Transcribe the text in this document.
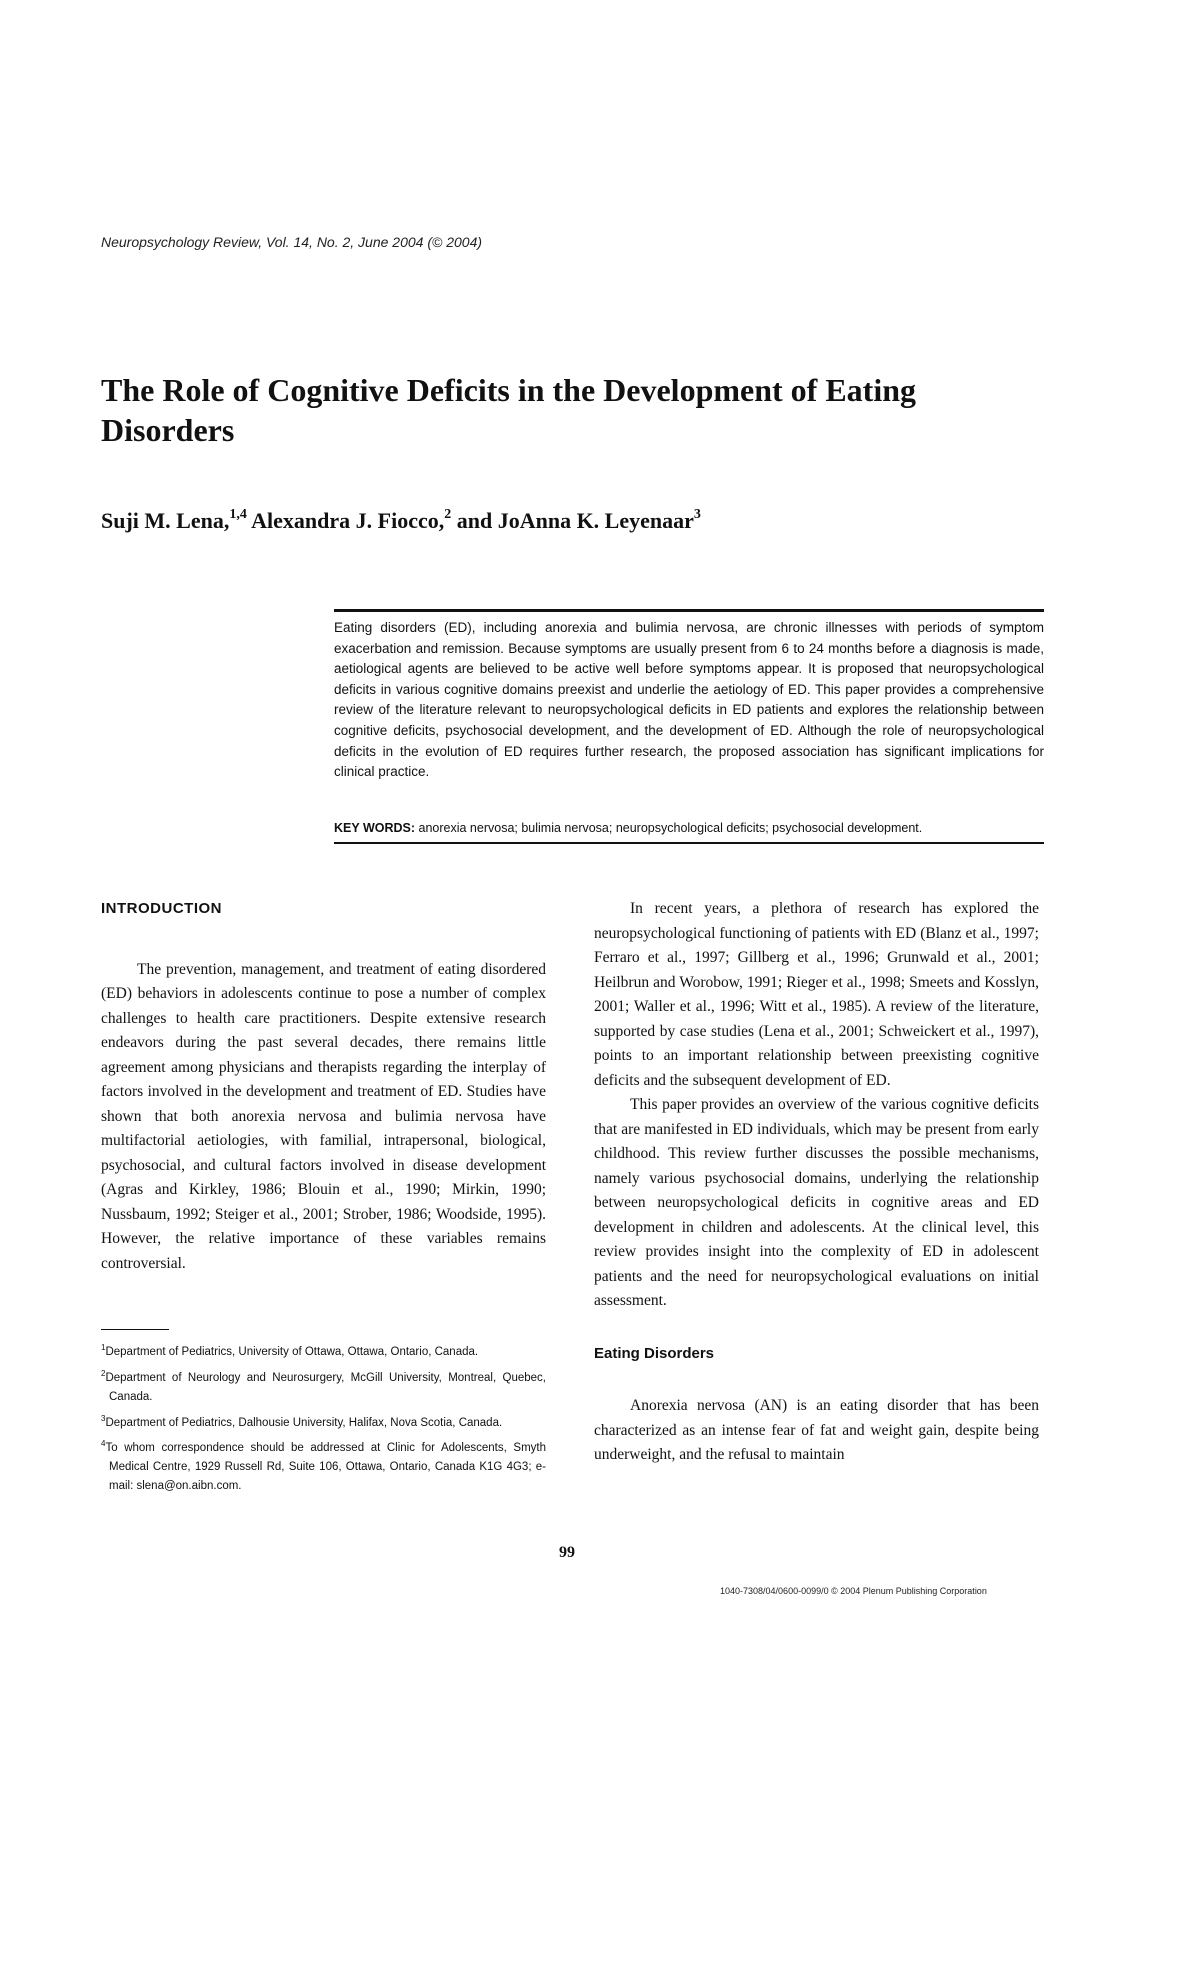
Neuropsychology Review, Vol. 14, No. 2, June 2004 (© 2004)
The Role of Cognitive Deficits in the Development of Eating Disorders
Suji M. Lena,$^{1,4}$ Alexandra J. Fiocco,$^2$ and JoAnna K. Leyenaar$^3$

Eating disorders (ED), including anorexia and bulimia nervosa, are chronic illnesses with periods of symptom exacerbation and remission. Because symptoms are usually present from 6 to 24 months before a diagnosis is made, aetiological agents are believed to be active well before symptoms appear. It is proposed that neuropsychological deficits in various cognitive domains preexist and underlie the aetiology of ED. This paper provides a comprehensive review of the literature relevant to neuropsychological deficits in ED patients and explores the relationship between cognitive deficits, psychosocial development, and the development of ED. Although the role of neuropsychological deficits in the evolution of ED requires further research, the proposed association has significant implications for clinical practice.

KEY WORDS: anorexia nervosa; bulimia nervosa; neuropsychological deficits; psychosocial development.
INTRODUCTION

The prevention, management, and treatment of eating disordered (ED) behaviors in adolescents continue to pose a number of complex challenges to health care practitioners. Despite extensive research endeavors during the past several decades, there remains little agreement among physicians and therapists regarding the interplay of factors involved in the development and treatment of ED. Studies have shown that both anorexia nervosa and bulimia nervosa have multifactorial aetiologies, with familial, intrapersonal, biological, psychosocial, and cultural factors involved in disease development (Agras and Kirkley, 1986; Blouin et al., 1990; Mirkin, 1990; Nussbaum, 1992; Steiger et al., 2001; Strober, 1986; Woodside, 1995). However, the relative importance of these variables remains controversial.

$^1$Department of Pediatrics, University of Ottawa, Ottawa, Ontario, Canada.

$^2$Department of Neurology and Neurosurgery, McGill University, Montreal, Quebec, Canada.

$^3$Department of Pediatrics, Dalhousie University, Halifax, Nova Scotia, Canada.

$^4$To whom correspondence should be addressed at Clinic for Adolescents, Smyth Medical Centre, 1929 Russell Rd, Suite 106, Ottawa, Ontario, Canada K1G 4G3; e-mail: slena@on.aibn.com.

In recent years, a plethora of research has explored the neuropsychological functioning of patients with ED (Blanz et al., 1997; Ferraro et al., 1997; Gillberg et al., 1996; Grunwald et al., 2001; Heilbrun and Worobow, 1991; Rieger et al., 1998; Smeets and Kosslyn, 2001; Waller et al., 1996; Witt et al., 1985). A review of the literature, supported by case studies (Lena et al., 2001; Schweickert et al., 1997), points to an important relationship between preexisting cognitive deficits and the subsequent development of ED.

This paper provides an overview of the various cognitive deficits that are manifested in ED individuals, which may be present from early childhood. This review further discusses the possible mechanisms, namely various psychosocial domains, underlying the relationship between neuropsychological deficits in cognitive areas and ED development in children and adolescents. At the clinical level, this review provides insight into the complexity of ED in adolescent patients and the need for neuropsychological evaluations on initial assessment.

Eating Disorders

Anorexia nervosa (AN) is an eating disorder that has been characterized as an intense fear of fat and weight gain, despite being underweight, and the refusal to maintain

99
1040-7308/04/0600-0099/0 © 2004 Plenum Publishing Corporation
